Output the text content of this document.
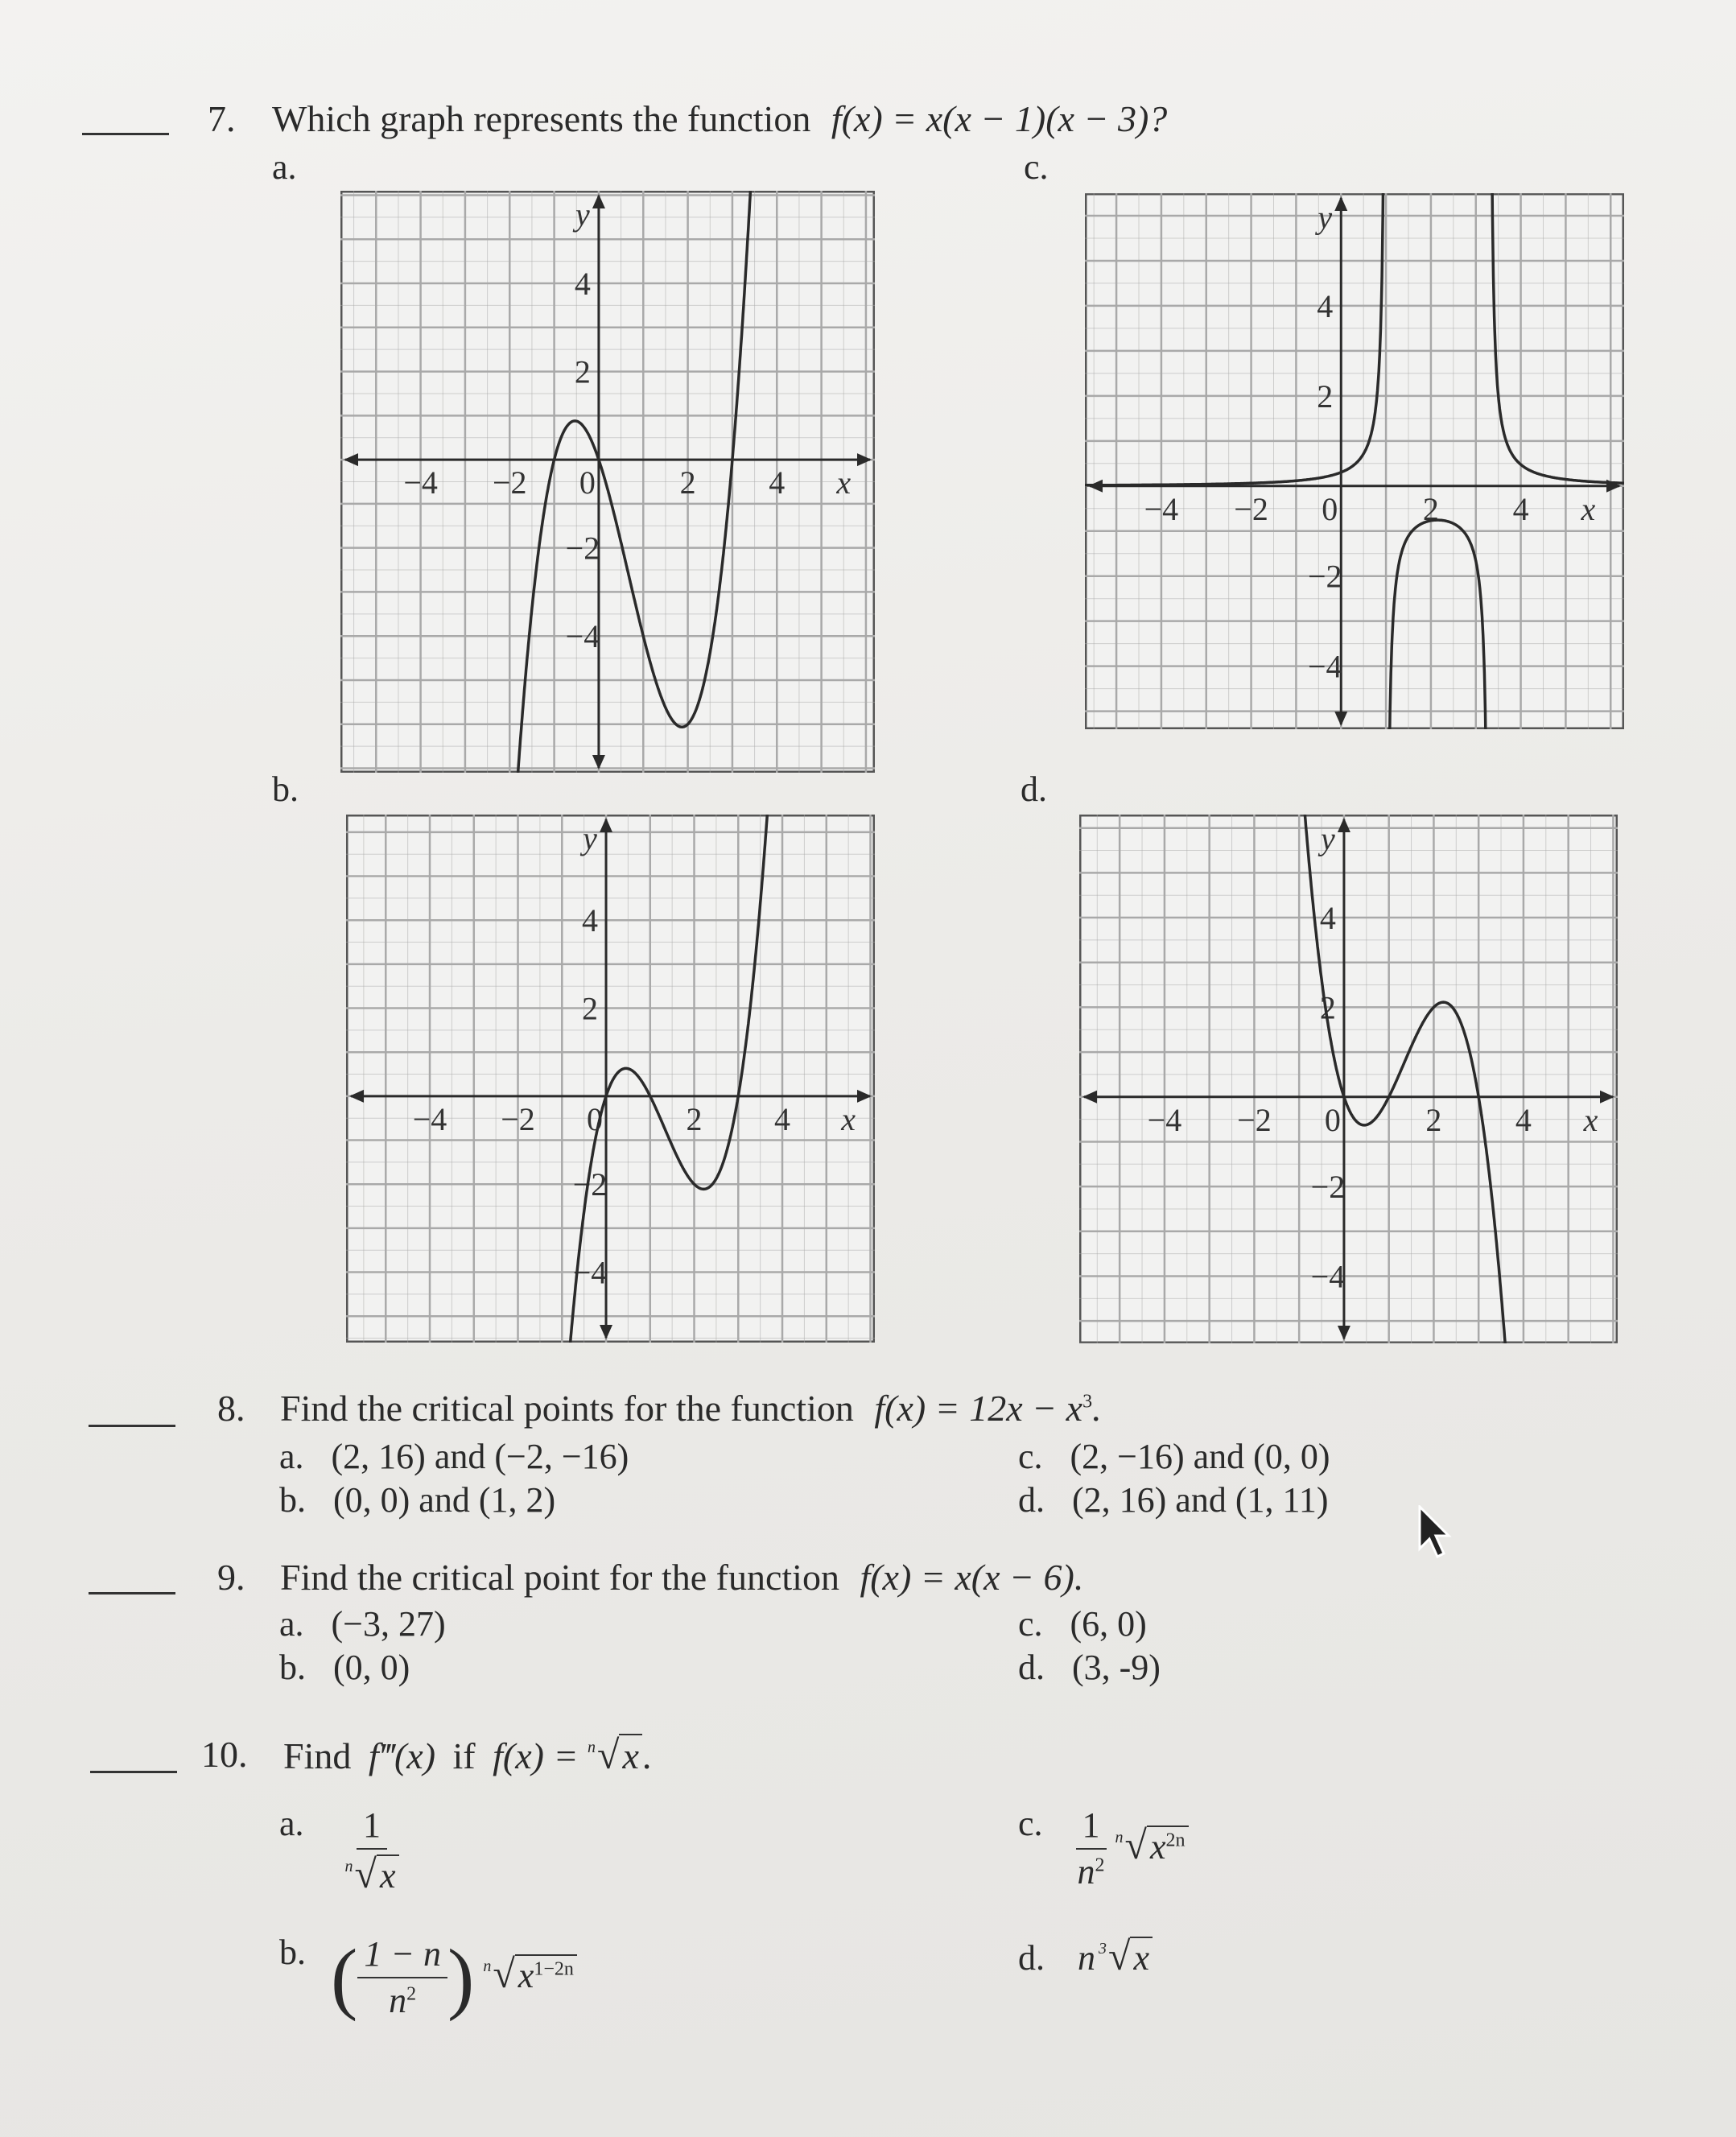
7. Which graph represents the function f(x) = x(x − 1)(x − 3)?
a.	c.
b.	d.
−4 −2 0	2 4
4
2
−2
−4
x
y
−4 −2 0	2 4
4
2
−2
−4
x
y
−4 −2 0	2 4
4
2
−2
−4
x
y
−4 −2 0	2 4
4
2
−2
−4
x
y
8. Find the critical points for the function $f(x) = 12x - x^3$.
a. (2, 16) and (−2, −16)
b. (0, 0) and (1, 2)
c. (2, −16) and (0, 0)
d. (2, 16) and (1, 11)
9. Find the critical point for the function f(x) = x(x − 6).
a. (−3, 27)
b. (0, 0)
c. (6, 0)
d. (3, -9)
10. Find f‴(x) if f(x) = $^n$√x.
a. $\frac{1}{^n√x}$
b. ( $\frac{1 - n}{n^2}$ ) $^n√x^{1-2n}$
c. $\frac{1}{n^2} ^n√x^{2n}$
d. n $^3$√x
